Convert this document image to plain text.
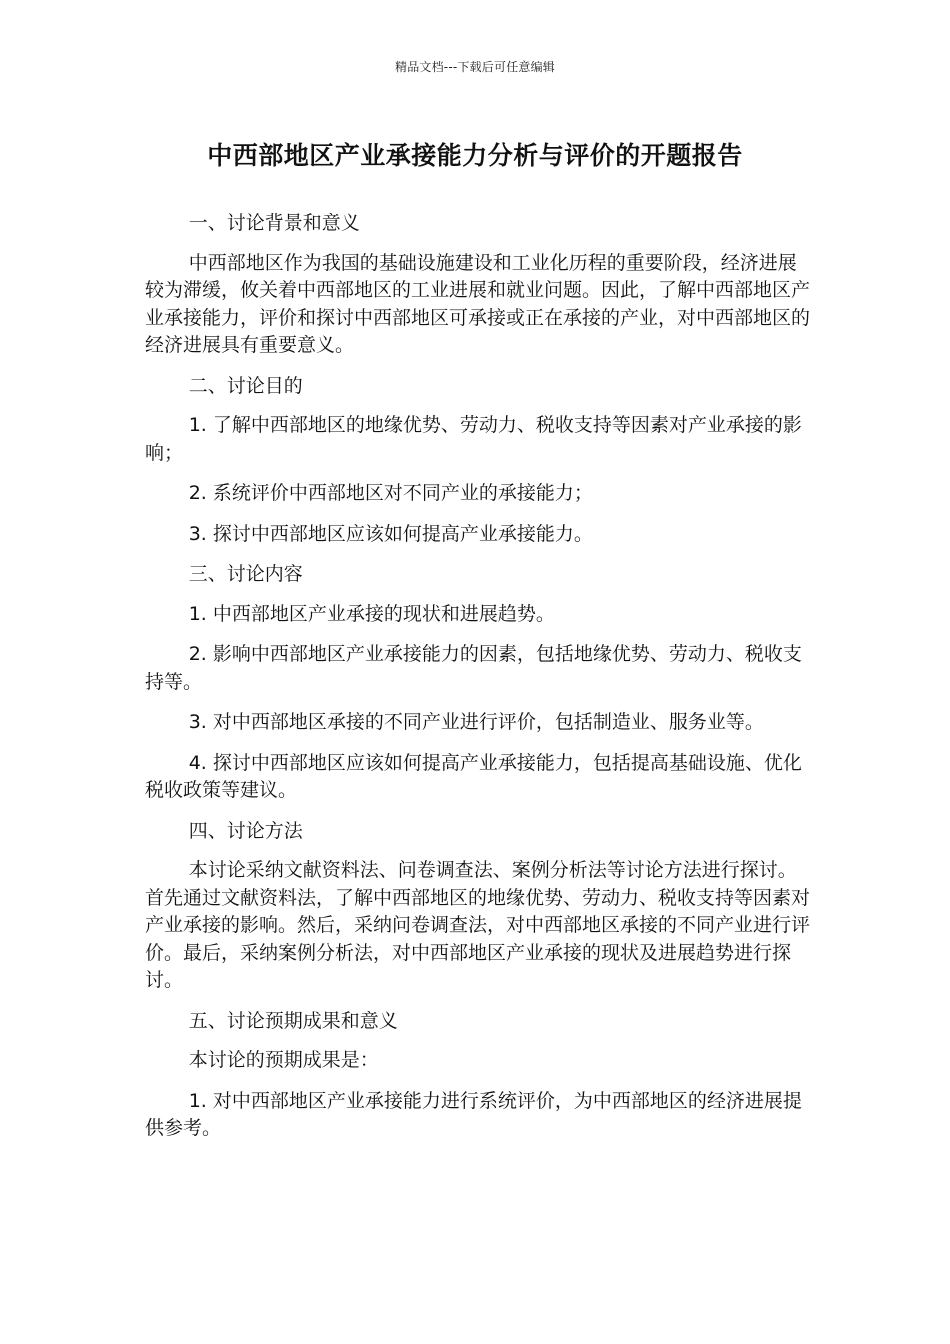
精品文档---下载后可任意编辑
中西部地区产业承接能力分析与评价的开题报告

一、讨论背景和意义

中西部地区作为我国的基础设施建设和工业化历程的重要阶段，经济进展较为滞缓，攸关着中西部地区的工业进展和就业问题。因此，了解中西部地区产业承接能力，评价和探讨中西部地区可承接或正在承接的产业，对中西部地区的经济进展具有重要意义。

二、讨论目的

1. 了解中西部地区的地缘优势、劳动力、税收支持等因素对产业承接的影响；

2. 系统评价中西部地区对不同产业的承接能力；

3. 探讨中西部地区应该如何提高产业承接能力。

三、讨论内容

1. 中西部地区产业承接的现状和进展趋势。

2. 影响中西部地区产业承接能力的因素，包括地缘优势、劳动力、税收支持等。

3. 对中西部地区承接的不同产业进行评价，包括制造业、服务业等。

4. 探讨中西部地区应该如何提高产业承接能力，包括提高基础设施、优化税收政策等建议。

四、讨论方法

本讨论采纳文献资料法、问卷调查法、案例分析法等讨论方法进行探讨。首先通过文献资料法，了解中西部地区的地缘优势、劳动力、税收支持等因素对产业承接的影响。然后，采纳问卷调查法，对中西部地区承接的不同产业进行评价。最后，采纳案例分析法，对中西部地区产业承接的现状及进展趋势进行探讨。

五、讨论预期成果和意义

本讨论的预期成果是：

1. 对中西部地区产业承接能力进行系统评价，为中西部地区的经济进展提供参考。
